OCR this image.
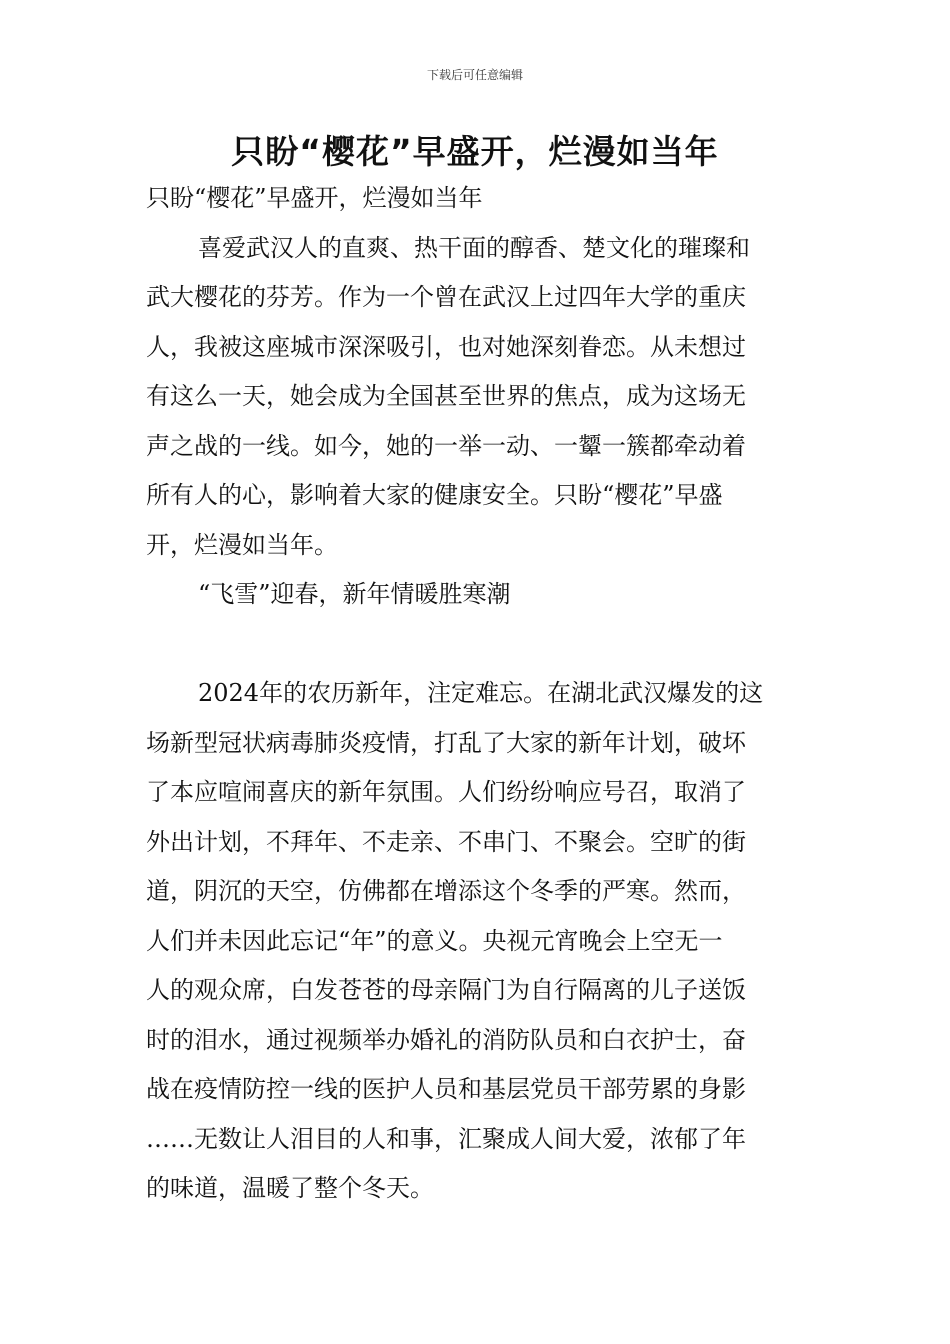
下载后可任意编辑
只盼“樱花”早盛开，烂漫如当年
只盼“樱花”早盛开，烂漫如当年
喜爱武汉人的直爽、热干面的醇香、楚文化的璀璨和
武大樱花的芬芳。作为一个曾在武汉上过四年大学的重庆
人，我被这座城市深深吸引，也对她深刻眷恋。从未想过
有这么一天，她会成为全国甚至世界的焦点，成为这场无
声之战的一线。如今，她的一举一动、一颦一簇都牵动着
所有人的心，影响着大家的健康安全。只盼“樱花”早盛
开，烂漫如当年。
“飞雪”迎春，新年情暖胜寒潮
2024年的农历新年，注定难忘。在湖北武汉爆发的这
场新型冠状病毒肺炎疫情，打乱了大家的新年计划，破坏
了本应喧闹喜庆的新年氛围。人们纷纷响应号召，取消了
外出计划，不拜年、不走亲、不串门、不聚会。空旷的街
道，阴沉的天空，仿佛都在增添这个冬季的严寒。然而，
人们并未因此忘记“年”的意义。央视元宵晚会上空无一
人的观众席，白发苍苍的母亲隔门为自行隔离的儿子送饭
时的泪水，通过视频举办婚礼的消防队员和白衣护士，奋
战在疫情防控一线的医护人员和基层党员干部劳累的身影
……无数让人泪目的人和事，汇聚成人间大爱，浓郁了年
的味道，温暖了整个冬天。
